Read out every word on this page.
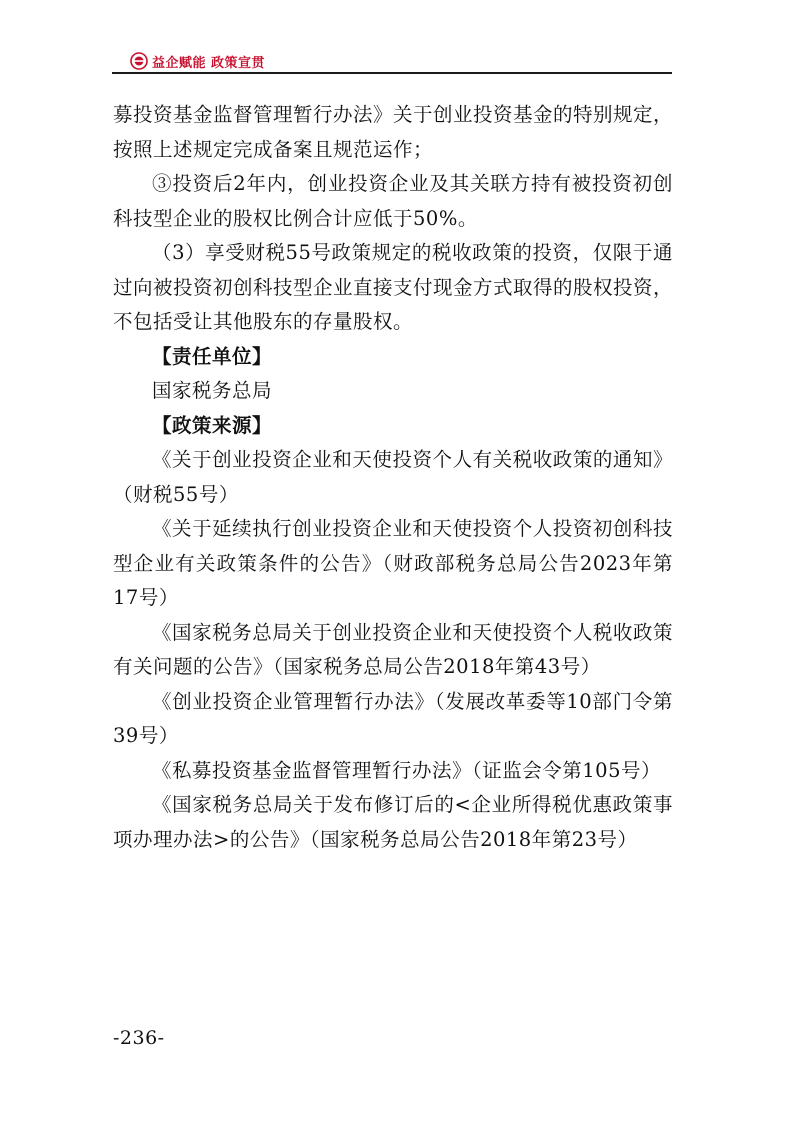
益企赋能 政策宣贯

募投资基金监督管理暂行办法》关于创业投资基金的特别规定，按照上述规定完成备案且规范运作；

③投资后2年内，创业投资企业及其关联方持有被投资初创科技型企业的股权比例合计应低于50%。

（3）享受财税55号政策规定的税收政策的投资，仅限于通过向被投资初创科技型企业直接支付现金方式取得的股权投资，不包括受让其他股东的存量股权。

【责任单位】

国家税务总局

【政策来源】

《关于创业投资企业和天使投资个人有关税收政策的通知》（财税55号）

《关于延续执行创业投资企业和天使投资个人投资初创科技型企业有关政策条件的公告》（财政部税务总局公告2023年第17号）

《国家税务总局关于创业投资企业和天使投资个人税收政策有关问题的公告》（国家税务总局公告2018年第43号）

《创业投资企业管理暂行办法》（发展改革委等10部门令第39号）

《私募投资基金监督管理暂行办法》（证监会令第105号）

《国家税务总局关于发布修订后的<企业所得税优惠政策事项办理办法>的公告》（国家税务总局公告2018年第23号）

-236-
